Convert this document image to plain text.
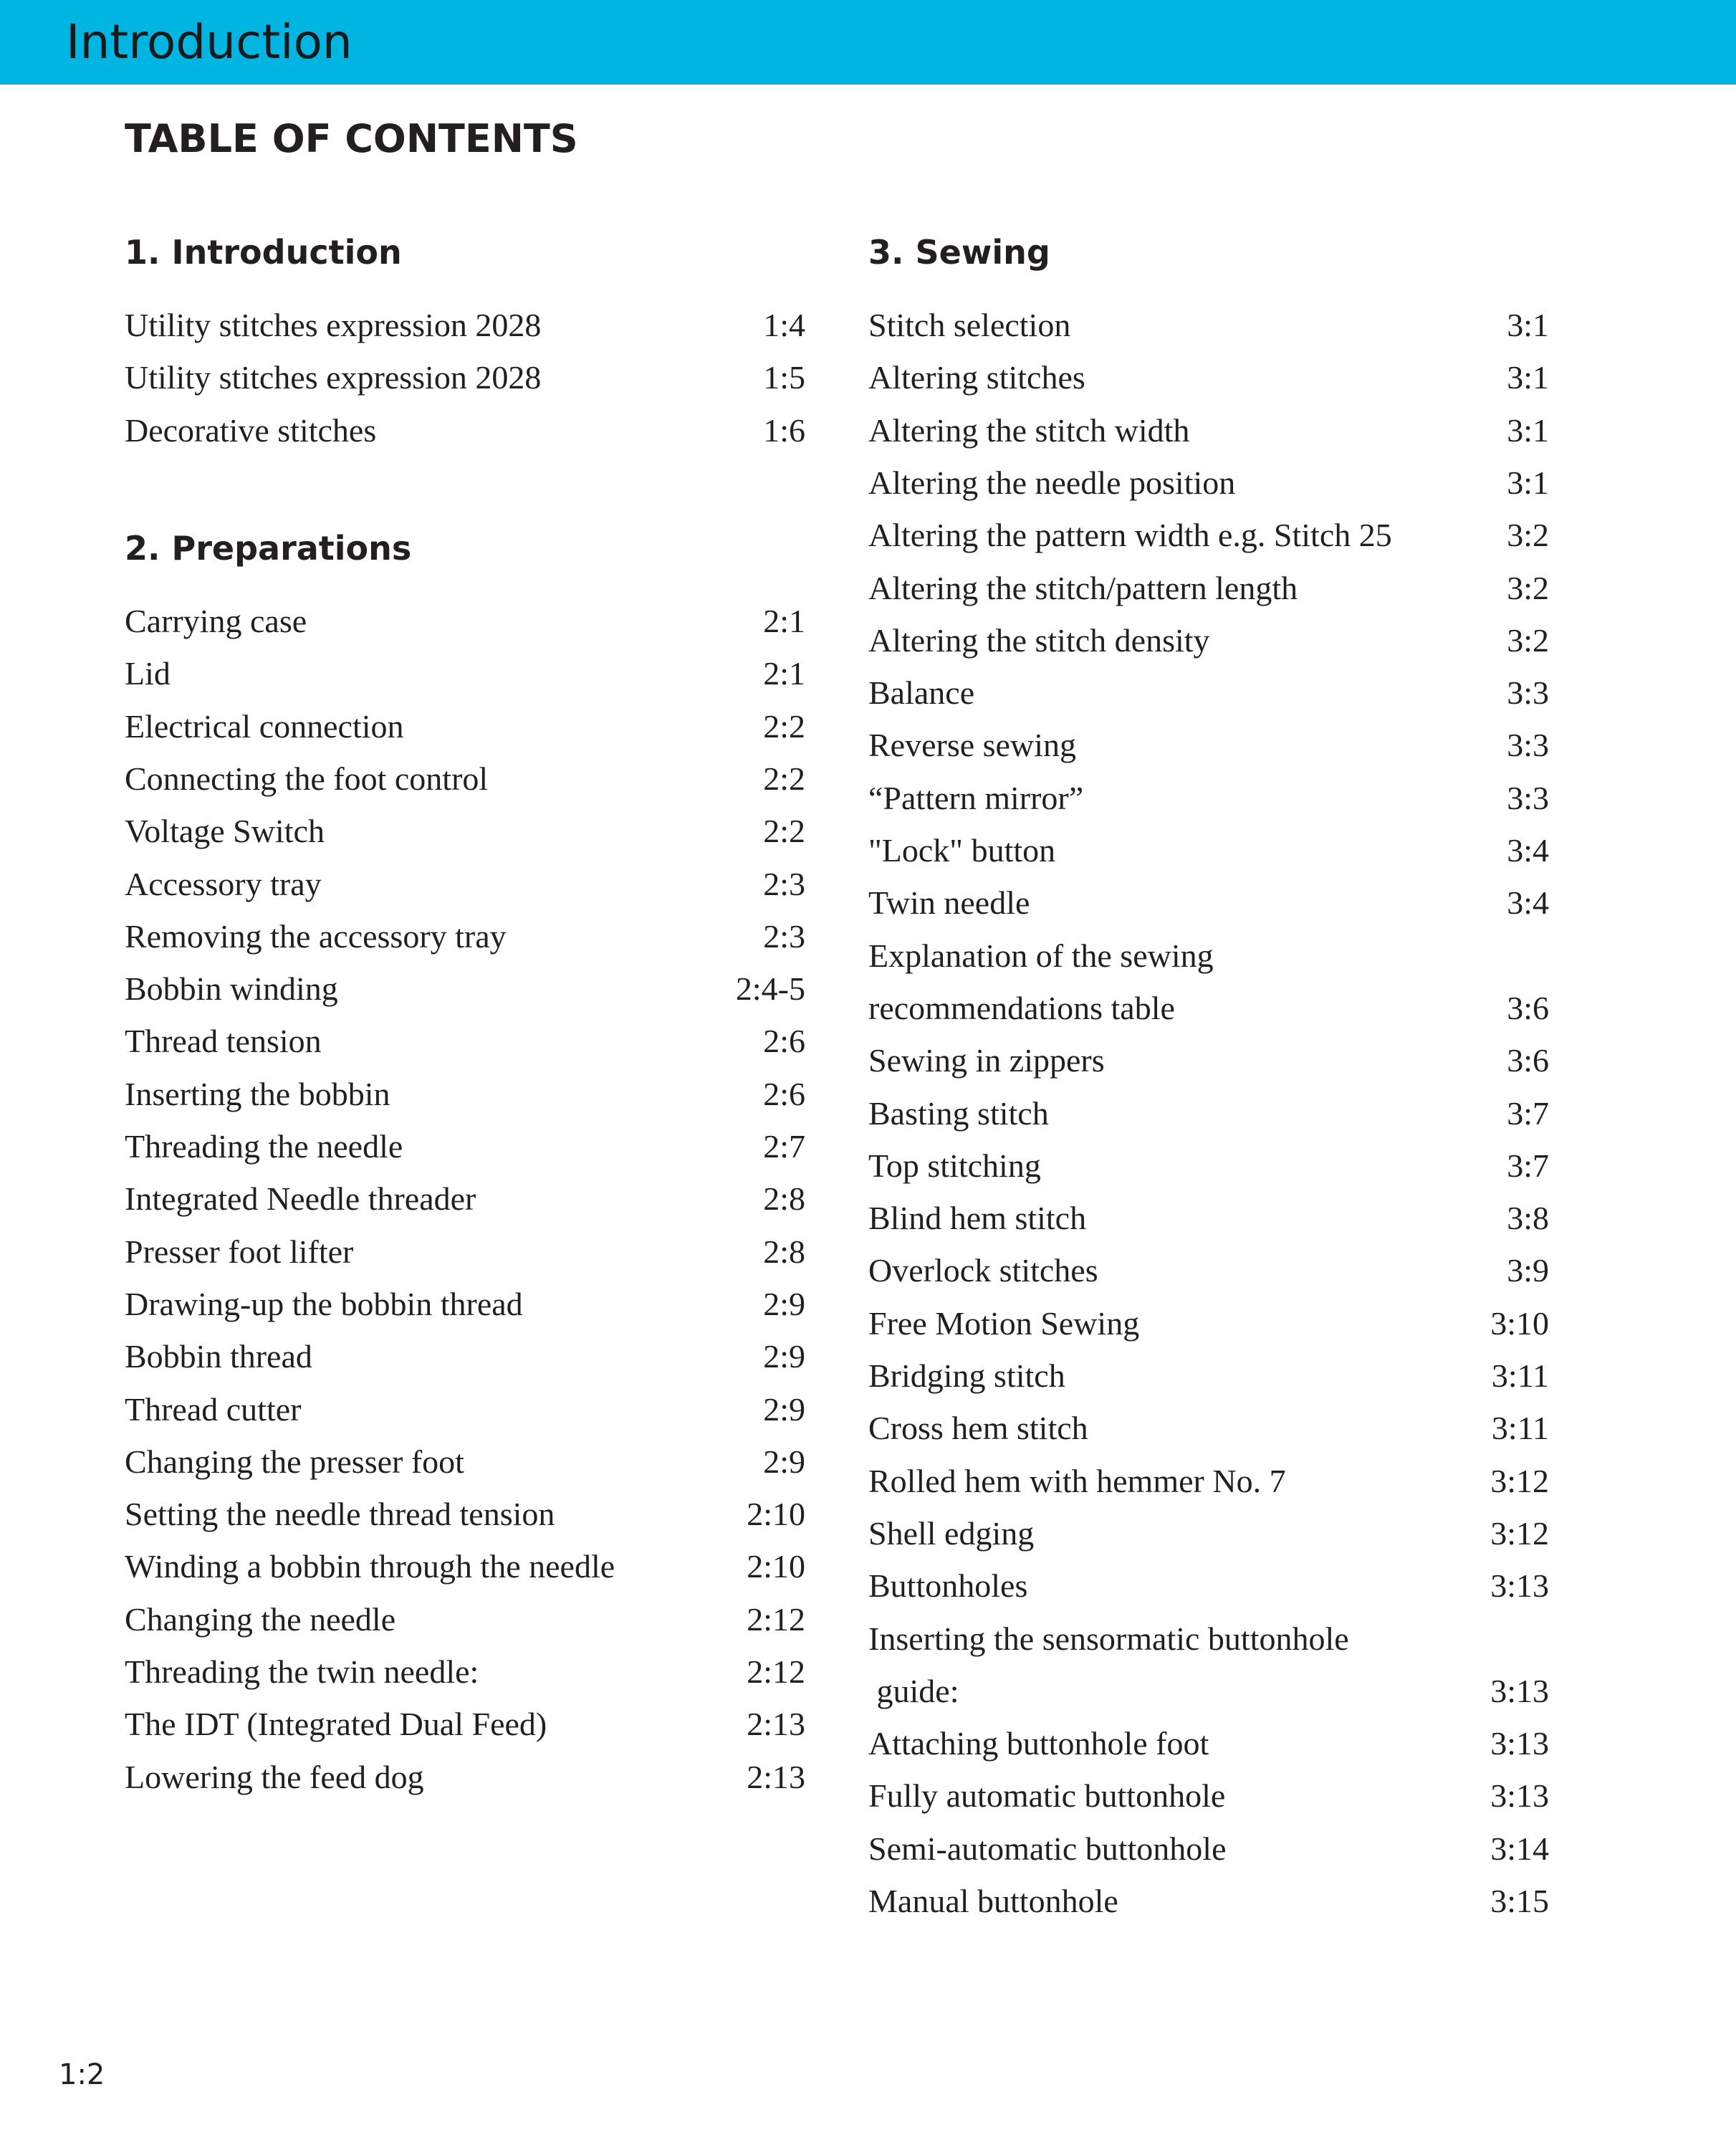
Introduction
TABLE OF CONTENTS
1. Introduction
Utility stitches expression 2028	1:4
Utility stitches expression 2028	1:5
Decorative stitches	1:6
2. Preparations
Carrying case	2:1
Lid	2:1
Electrical connection	2:2
Connecting the foot control	2:2
Voltage Switch	2:2
Accessory tray	2:3
Removing the accessory tray	2:3
Bobbin winding	2:4-5
Thread tension	2:6
Inserting the bobbin	2:6
Threading the needle	2:7
Integrated Needle threader	2:8
Presser foot lifter	2:8
Drawing-up the bobbin thread	2:9
Bobbin thread	2:9
Thread cutter	2:9
Changing the presser foot	2:9
Setting the needle thread tension	2:10
Winding a bobbin through the needle	2:10
Changing the needle	2:12
Threading the twin needle:	2:12
The IDT (Integrated Dual Feed)	2:13
Lowering the feed dog	2:13
3. Sewing
Stitch selection	3:1
Altering stitches	3:1
Altering the stitch width	3:1
Altering the needle position	3:1
Altering the pattern width e.g. Stitch 25	3:2
Altering the stitch/pattern length	3:2
Altering the stitch density	3:2
Balance	3:3
Reverse sewing	3:3
“Pattern mirror”	3:3
"Lock" button	3:4
Twin needle	3:4
Explanation of the sewing
recommendations table	3:6
Sewing in zippers	3:6
Basting stitch	3:7
Top stitching	3:7
Blind hem stitch	3:8
Overlock stitches	3:9
Free Motion Sewing	3:10
Bridging stitch	3:11
Cross hem stitch	3:11
Rolled hem with hemmer No. 7	3:12
Shell edging	3:12
Buttonholes	3:13
Inserting the sensormatic buttonhole
guide:	3:13
Attaching buttonhole foot	3:13
Fully automatic buttonhole	3:13
Semi-automatic buttonhole	3:14
Manual buttonhole	3:15
1:2
